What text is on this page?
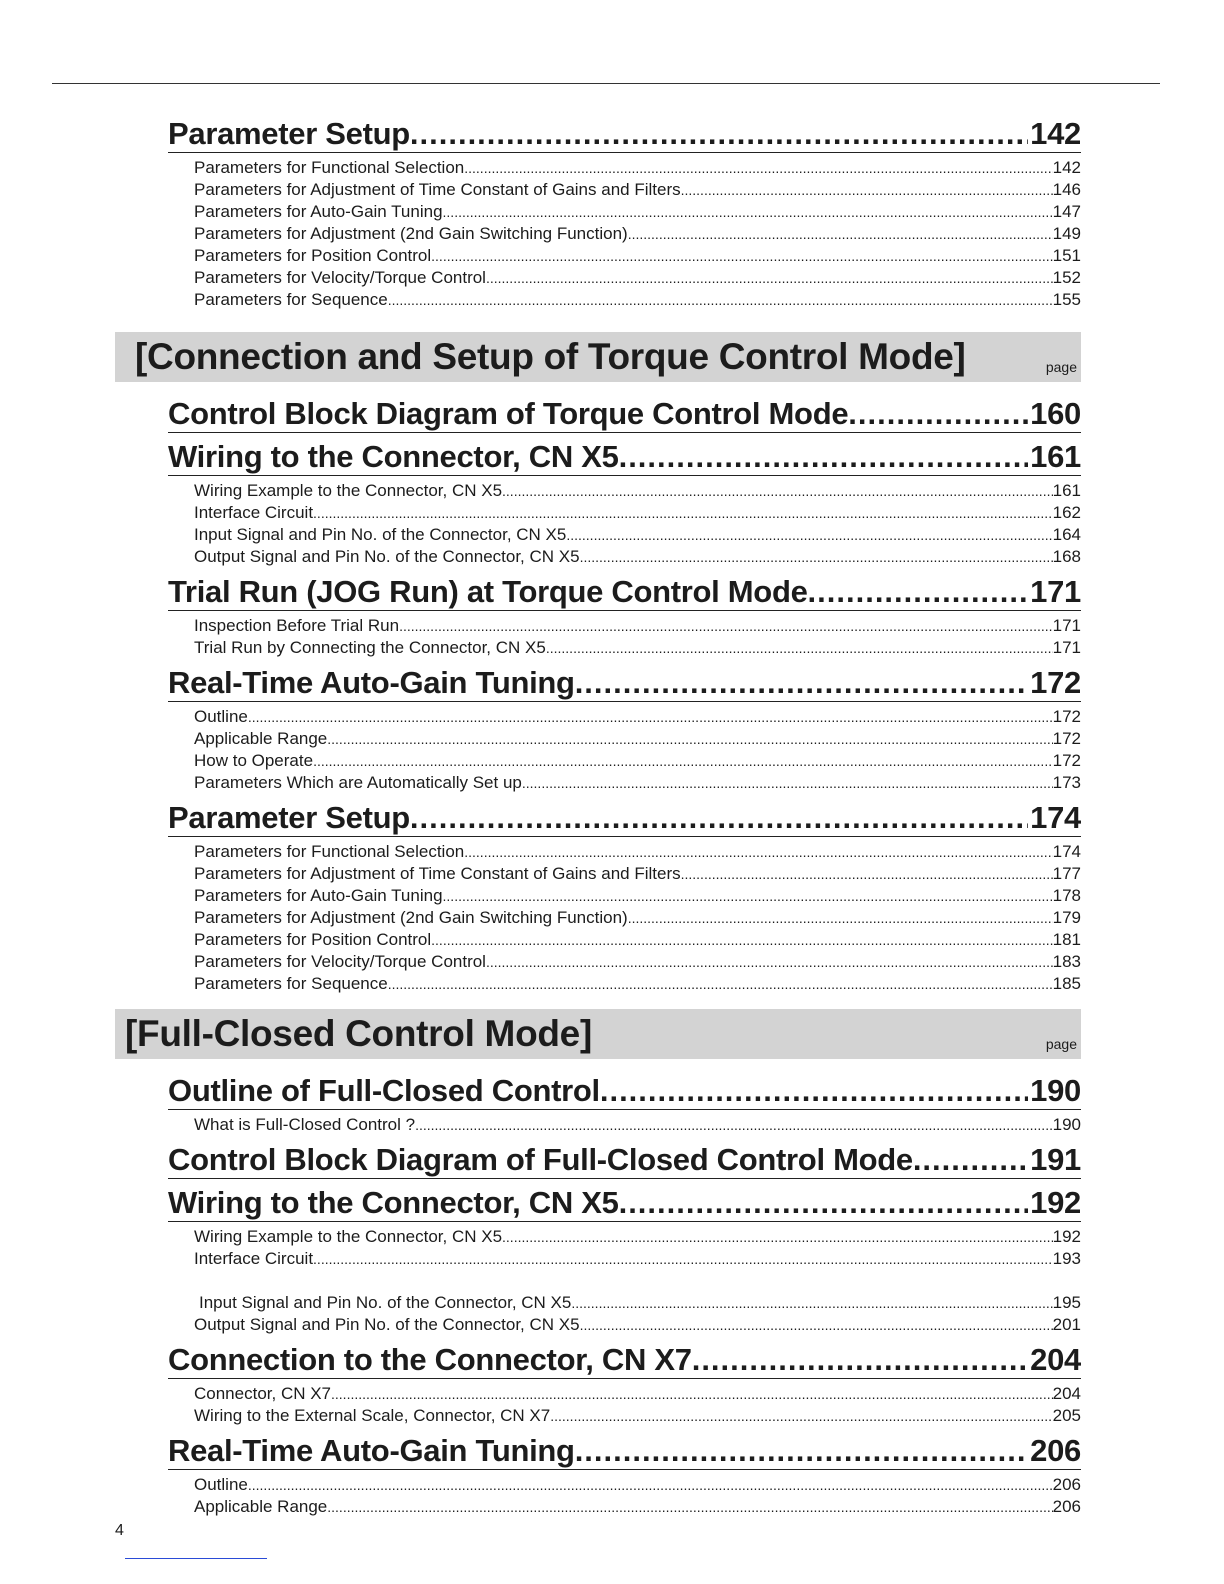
Parameter Setup .....	142
Parameters for Functional Selection .....	142
Parameters for Adjustment of Time Constant of Gains and Filters .....	146
Parameters for Auto-Gain Tuning .....	147
Parameters for Adjustment (2nd Gain Switching Function) .....	149
Parameters for Position Control .....	151
Parameters for Velocity/Torque Control .....	152
Parameters for Sequence .....	155
[Connection and Setup of Torque Control Mode]	page
Control Block Diagram of Torque Control Mode .....	160
Wiring to the Connector, CN X5 .....	161
Wiring Example to the Connector, CN X5 .....	161
Interface Circuit .....	162
Input Signal and Pin No. of the Connector, CN X5 .....	164
Output Signal and Pin No. of the Connector, CN X5 .....	168
Trial Run (JOG Run) at Torque Control Mode .....	171
Inspection Before Trial Run .....	171
Trial Run by Connecting the Connector, CN X5 .....	171
Real-Time Auto-Gain Tuning .....	172
Outline .....	172
Applicable Range .....	172
How to Operate .....	172
Parameters Which are Automatically Set up .....	173
Parameter Setup .....	174
Parameters for Functional Selection .....	174
Parameters for Adjustment of Time Constant of Gains and Filters .....	177
Parameters for Auto-Gain Tuning .....	178
Parameters for Adjustment (2nd Gain Switching Function) .....	179
Parameters for Position Control .....	181
Parameters for Velocity/Torque Control .....	183
Parameters for Sequence .....	185
[Full-Closed Control Mode]	page
Outline of Full-Closed Control .....	190
What is Full-Closed Control ? .....	190
Control Block Diagram of Full-Closed Control Mode .....	191
Wiring to the Connector, CN X5 .....	192
Wiring Example to the Connector, CN X5 .....	192
Interface Circuit .....	193
Input Signal and Pin No. of the Connector, CN X5 .....	195
Output Signal and Pin No. of the Connector, CN X5 .....	201
Connection to the Connector, CN X7 .....	204
Connector, CN X7 .....	204
Wiring to the External Scale, Connector, CN X7 .....	205
Real-Time Auto-Gain Tuning .....	206
Outline .....	206
Applicable Range .....	206
4
